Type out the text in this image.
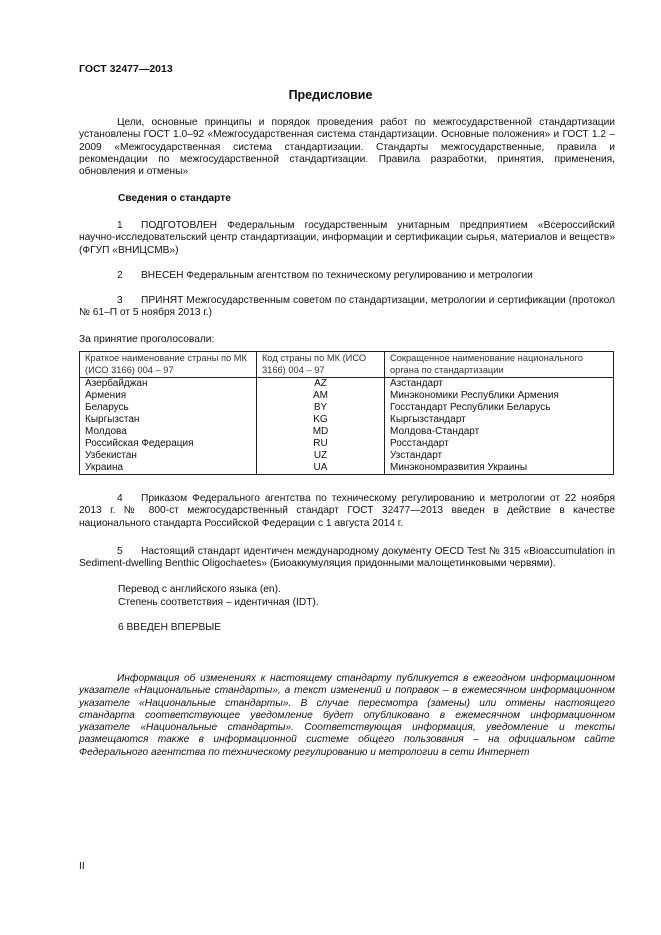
ГОСТ 32477—2013
Предисловие

Цели, основные принципы и порядок проведения работ по межгосударственной стандартизации установлены ГОСТ 1.0–92 «Межгосударственная система стандартизации. Основные положения» и ГОСТ 1.2 – 2009 «Межгосударственная система стандартизации. Стандарты межгосударственные, правила и рекомендации по межгосударственной стандартизации. Правила разработки, принятия, применения, обновления и отмены»

Сведения о стандарте

1 ПОДГОТОВЛЕН Федеральным государственным унитарным предприятием «Всероссийский научно-исследовательский центр стандартизации, информации и сертификации сырья, материалов и веществ» (ФГУП «ВНИЦСМВ»)

2 ВНЕСЕН Федеральным агентством по техническому регулированию и метрологии

3 ПРИНЯТ Межгосударственным советом по стандартизации, метрологии и сертификации (протокол № 61–П от 5 ноября 2013 г.)

За принятие проголосовали:
Краткое наименование страны по МК (ИСО 3166) 004 – 97	Код страны по МК (ИСО 3166) 004 – 97	Сокращенное наименование национального органа по стандартизации
Азербайджан	AZ	Азстандарт
Армения	AM	Минэкономики Республики Армения
Беларусь	BY	Госстандарт Республики Беларусь
Кыргызстан	KG	Кыргызстандарт
Молдова	MD	Молдова-Стандарт
Российская Федерация	RU	Росстандарт
Узбекистан	UZ	Узстандарт
Украина	UA	Минэкономразвития Украины

4 Приказом Федерального агентства по техническому регулированию и метрологии от 22 ноября 2013 г. № 800-ст межгосударственный стандарт ГОСТ 32477—2013 введен в действие в качестве национального стандарта Российской Федерации с 1 августа 2014 г.

5 Настоящий стандарт идентичен международному документу OECD Test № 315 «Bioaccumulation in Sediment-dwelling Benthic Oligochaetes» (Биоаккумуляция придонными малощетинковыми червями).

Перевод с английского языка (en).
Степень соответствия – идентичная (IDT).
6 ВВЕДЕН ВПЕРВЫЕ

Информация об изменениях к настоящему стандарту публикуется в ежегодном информационном указателе «Национальные стандарты», а текст изменений и поправок – в ежемесячном информационном указателе «Национальные стандарты». В случае пересмотра (замены) или отмены настоящего стандарта соответствующее уведомление будет опубликовано в ежемесячном информационном указателе «Национальные стандарты». Соответствующая информация, уведомление и тексты размещаются также в информационной системе общего пользования – на официальном сайте Федерального агентства по техническому регулированию и метрологии в сети Интернет

II
